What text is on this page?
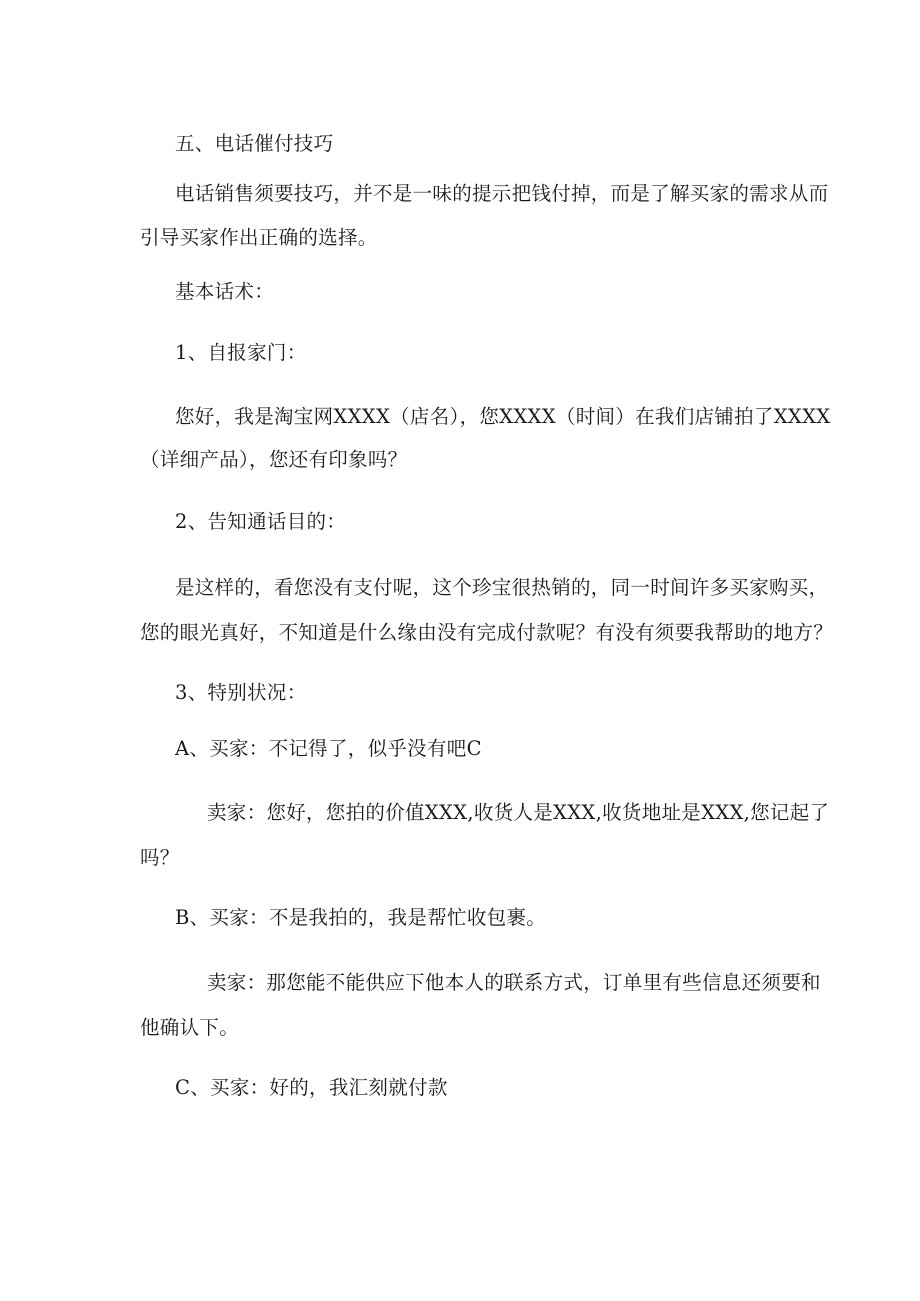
五、电话催付技巧
电话销售须要技巧，并不是一味的提示把钱付掉，而是了解买家的需求从而
引导买家作出正确的选择。
基本话术：
1、自报家门：
您好，我是淘宝网XXXX（店名），您XXXX（时间）在我们店铺拍了XXXX
（详细产品），您还有印象吗？
2、告知通话目的：
是这样的，看您没有支付呢，这个珍宝很热销的，同一时间许多买家购买，
您的眼光真好，不知道是什么缘由没有完成付款呢？有没有须要我帮助的地方？
3、特别状况：
A、买家：不记得了，似乎没有吧C
卖家：您好，您拍的价值XXX,收货人是XXX,收货地址是XXX,您记起了
吗？
B、买家：不是我拍的，我是帮忙收包裹。
卖家：那您能不能供应下他本人的联系方式，订单里有些信息还须要和
他确认下。
C、买家：好的，我汇刻就付款
